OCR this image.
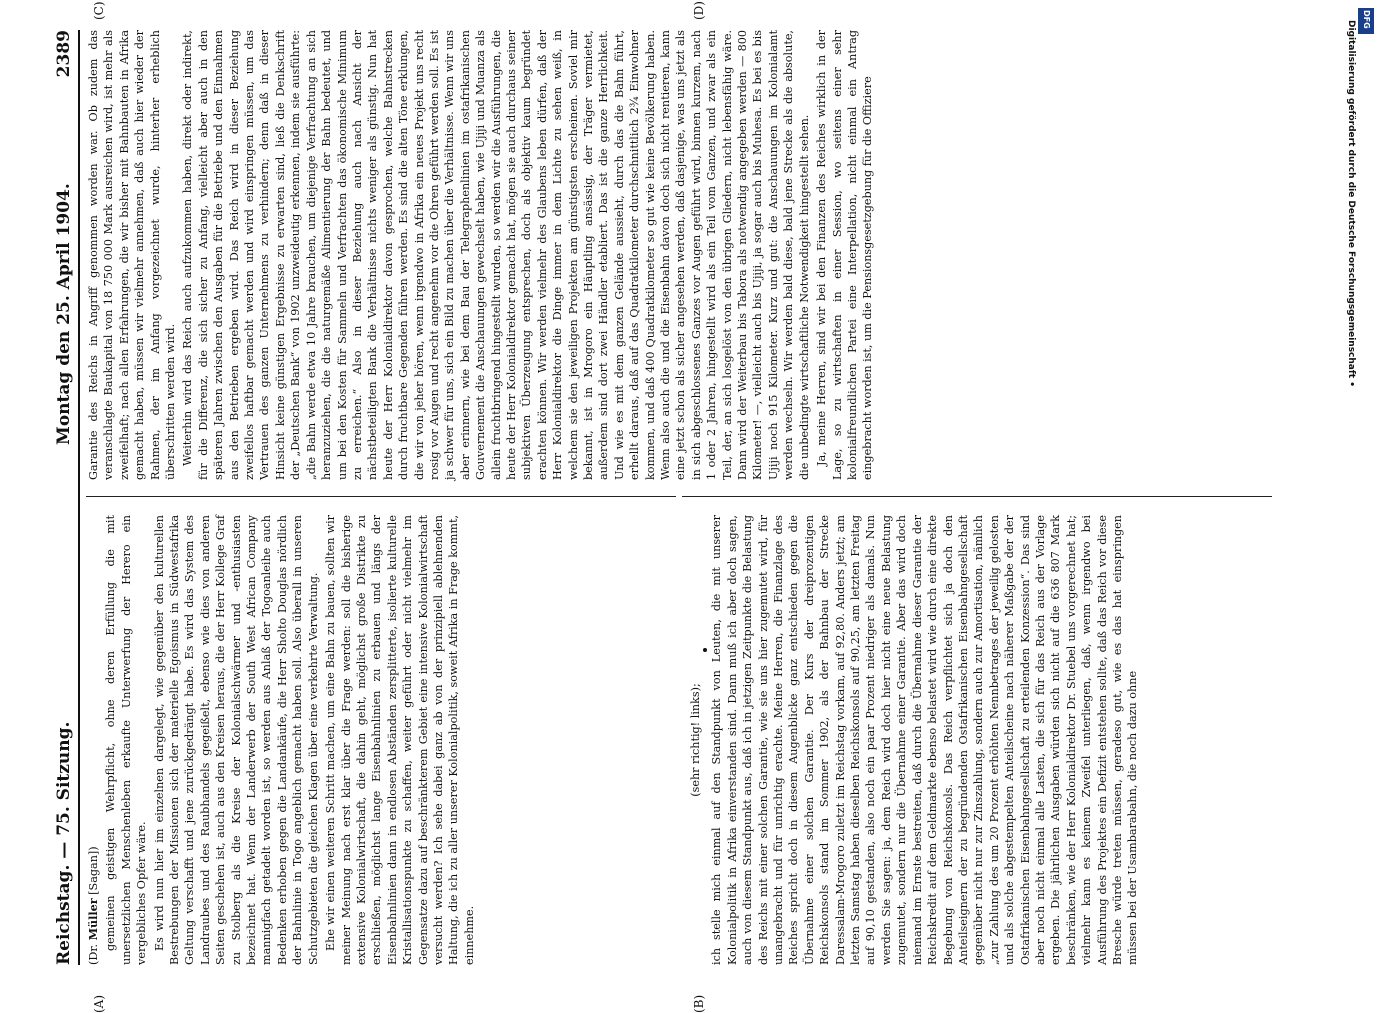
Reichstag. — 75. Sitzung.
Montag den 25. April 1904.
2389

(Dr. Müller [Sagan]) gemeinen geistigen Wehrpflicht, ohne deren Erfüllung die mit unersetzlichen Menschenleben erkaufte Unterwerfung der Herero ein vergebliches Opfer wäre. Es wird nun hier im einzelnen dargelegt, wie gegenüber den kulturellen Bestrebungen der Missionen sich der materielle Egoismus in Südwestafrika Geltung verschafft und jene zurückgedrängt habe. Es wird das System des Landraubes und des Raubhandels gegeißelt, ebenso wie dies von anderen Seiten geschehen ist, auch aus den Kreisen heraus, die der Herr Kollege Graf zu Stolberg als die Kreise der Kolonialschwärmer und -enthusiasten bezeichnet hat. Wenn der Landerwerb der South West African Company mannigfach getadelt worden ist, so werden aus Anlaß der Togoanleihe auch Bedenken erhoben gegen die Landankäufe, die Herr Sholto Douglas nördlich der Bahnlinie in Togo angeblich gemacht haben soll. Also überall in unseren Schutzgebieten die gleichen Klagen über eine verkehrte Verwaltung. Ehe wir einen weiteren Schritt machen, um eine Bahn zu bauen, sollten wir meiner Meinung nach erst klar über die Frage werden: soll die bisherige extensive Kolonialwirtschaft, die dahin geht, möglichst große Distrikte zu erschließen, möglichst lange Eisenbahnlinien zu erbauen und längs der Eisenbahnlinien dann in endlosen Abständen zersplitterte, isolierte kulturelle Kristallisationspunkte zu schaffen, weiter geführt oder nicht vielmehr im Gegensatze dazu auf beschränkterem Gebiet eine intensive Kolonialwirtschaft versucht werden? Ich sehe dabei ganz ab von der prinzipiell ablehnenden Haltung, die ich zu aller unserer Kolonialpolitik, soweit Afrika in Frage kommt, einnehme.

Garantie des Reichs in Angriff genommen worden war. Ob zudem das veranschlagte Baukapital von 18 750 000 Mark ausreichen wird, ist mehr als zweifelhaft; nach allen Erfahrungen, die wir bisher mit Bahnbauten in Afrika gemacht haben, müssen wir vielmehr annehmen, daß auch hier wieder der Rahmen, der im Anfang vorgezeichnet wurde, hinterher erheblich überschritten werden wird. Weiterhin wird das Reich auch aufzukommen haben, direkt oder indirekt, für die Differenz, die sich sicher zu Anfang, vielleicht aber auch in den späteren Jahren zwischen den Ausgaben für die Betriebe und den Einnahmen aus den Betrieben ergeben wird. Das Reich wird in dieser Beziehung zweifellos haftbar gemacht werden und wird einspringen müssen, um das Vertrauen des ganzen Unternehmens zu verhindern; denn daß in dieser Hinsicht keine günstigen Ergebnisse zu erwarten sind, ließ die Denkschrift der „Deutschen Bank“ von 1902 unzweideutig erkennen, indem sie ausführte: „die Bahn werde etwa 10 Jahre brauchen, um diejenige Verfrachtung an sich heranzuziehen, die die naturgemäße Alimentierung der Bahn bedeutet, und um bei den Kosten für Sammeln und Verfrachten das ökonomische Minimum zu erreichen.“ Also in dieser Beziehung auch nach Ansicht der nächstbeteiligten Bank die Verhältnisse nichts weniger als günstig. Nun hat heute der Herr Kolonialdirektor davon gesprochen, welche Bahnstrecken durch fruchtbare Gegenden führen werden. Es sind die alten Töne erklungen, die wir von jeher hören, wenn irgendwo in Afrika ein neues Projekt uns recht rosig vor Augen und recht angenehm vor die Ohren geführt werden soll. Es ist ja schwer für uns, sich ein Bild zu machen über die Verhältnisse. Wenn wir uns aber erinnern, wie bei dem Bau der Telegraphenlinien im ostafrikanischen Gouvernement die Anschauungen gewechselt haben, wie Ujiji und Muanza als allein fruchtbringend hingestellt wurden, so werden wir die Ausführungen, die heute der Herr Kolonialdirektor gemacht hat, mögen sie auch durchaus seiner subjektiven Überzeugung entsprechen, doch als objektiv kaum begründet erachten können. Wir werden vielmehr des Glaubens leben dürfen, daß der Herr Kolonialdirektor die Dinge immer in dem Lichte zu sehen weiß, in welchem sie den jeweiligen Projekten am günstigsten erscheinen. Soviel mir bekannt, ist in Mrogoro ein Häuptling ansässig, der Träger vermietet, außerdem sind dort zwei Händler etabliert. Das ist die ganze Herrlichkeit. Und wie es mit dem ganzen Gelände aussieht, durch das die Bahn führt, erhellt daraus, daß auf das Quadratkilometer durchschnittlich 2¾ Einwohner kommen, und daß 400 Quadratkilometer so gut wie keine Bevölkerung haben. Wenn also auch die und die Eisenbahn davon doch sich nicht rentieren, kann eine jetzt schon als sicher angesehen werden, daß dasjenige, was uns jetzt als in sich abgeschlossenes Ganzes vor Augen geführt wird, binnen kurzem, nach 1 oder 2 Jahren, hingestellt wird als ein Teil vom Ganzen, und zwar als ein Teil, der, an sich losgelöst von den übrigen Gliedern, nicht lebensfähig wäre. Dann wird der Weiterbau bis Tabora als notwendig angegeben werden — 800 Kilometer! —, vielleicht auch bis Ujiji, ja sogar auch bis Muhesa. Es bei es bis Ujiji noch 915 Kilometer. Kurz und gut: die Anschauungen im Kolonialamt werden wechseln. Wir werden bald diese, bald jene Strecke als die absolute, die unbedingte wirtschaftliche Notwendigkeit hingestellt sehen. Ja, meine Herren, sind wir bei den Finanzen des Reiches wirklich in der Lage, so zu wirtschaften in einer Session, wo seitens einer sehr kolonialfreundlichen Partei eine Interpellation, nicht einmal ein Antrag eingebracht worden ist, um die Pensionsgesetzgebung für die Offiziere

(sehr richtig! links); ich stelle mich einmal auf den Standpunkt von Leuten, die mit unserer Kolonialpolitik in Afrika einverstanden sind. Dann muß ich aber doch sagen, auch von diesem Standpunkt aus, daß ich in jetzigen Zeitpunkte die Belastung des Reichs mit einer solchen Garantie, wie sie uns hier zugemutet wird, für unangebracht und für unrichtig erachte. Meine Herren, die Finanzlage des Reiches spricht doch in diesem Augenblicke ganz entschieden gegen die Übernahme einer solchen Garantie. Der Kurs der dreiprozentigen Reichskonsols stand im Sommer 1902, als der Bahnbau der Strecke Daressalam-Mrogoro zuletzt im Reichstag vorkam, auf 92,80. Anders jetzt; am letzten Samstag haben dieselben Reichskonsols auf 90,25, am letzten Freitag auf 90,10 gestanden, also noch ein paar Prozent niedriger als damals. Nun werden Sie sagen: ja, dem Reich wird doch hier nicht eine neue Belastung zugemutet, sondern nur die Übernahme einer Garantie. Aber das wird doch niemand im Ernste bestreiten, daß durch die Übernahme dieser Garantie der Reichskredit auf dem Geldmarkte ebenso belastet wird wie durch eine direkte Begebung von Reichskonsols. Das Reich verpflichtet sich ja doch den Anteilseignern der zu begründenden Ostafrikanischen Eisenbahngesellschaft gegenüber nicht nur zur Zinszahlung, sondern auch zur Amortisation, nämlich „zur Zahlung des um 20 Prozent erhöhten Nennbetrages der jeweilig gelosten und als solche abgestempelten Anteilscheine nach näherer Maßgabe der der Ostafrikanischen Eisenbahngesellschaft zu erteilenden Konzession“. Das sind aber noch nicht einmal alle Lasten, die sich für das Reich aus der Vorlage ergeben. Die jährlichen Ausgaben würden sich nicht auf die 636 807 Mark beschränken, wie der Herr Kolonialdirektor Dr. Stuebel uns vorgerechnet hat; vielmehr kann es keinem Zweifel unterliegen, daß, wenn irgendwo bei Ausführung des Projektes ein Defizit entstehen sollte, daß das Reich vor diese Bresche würde treten müssen, geradeso gut, wie es das hat einspringen müssen bei der Usambarabahn, die noch dazu ohne

(A)	(B)
(C)	(D)
Digitalisierung gefördert durch die Deutsche Forschungsgemeinschaft •
DFG
